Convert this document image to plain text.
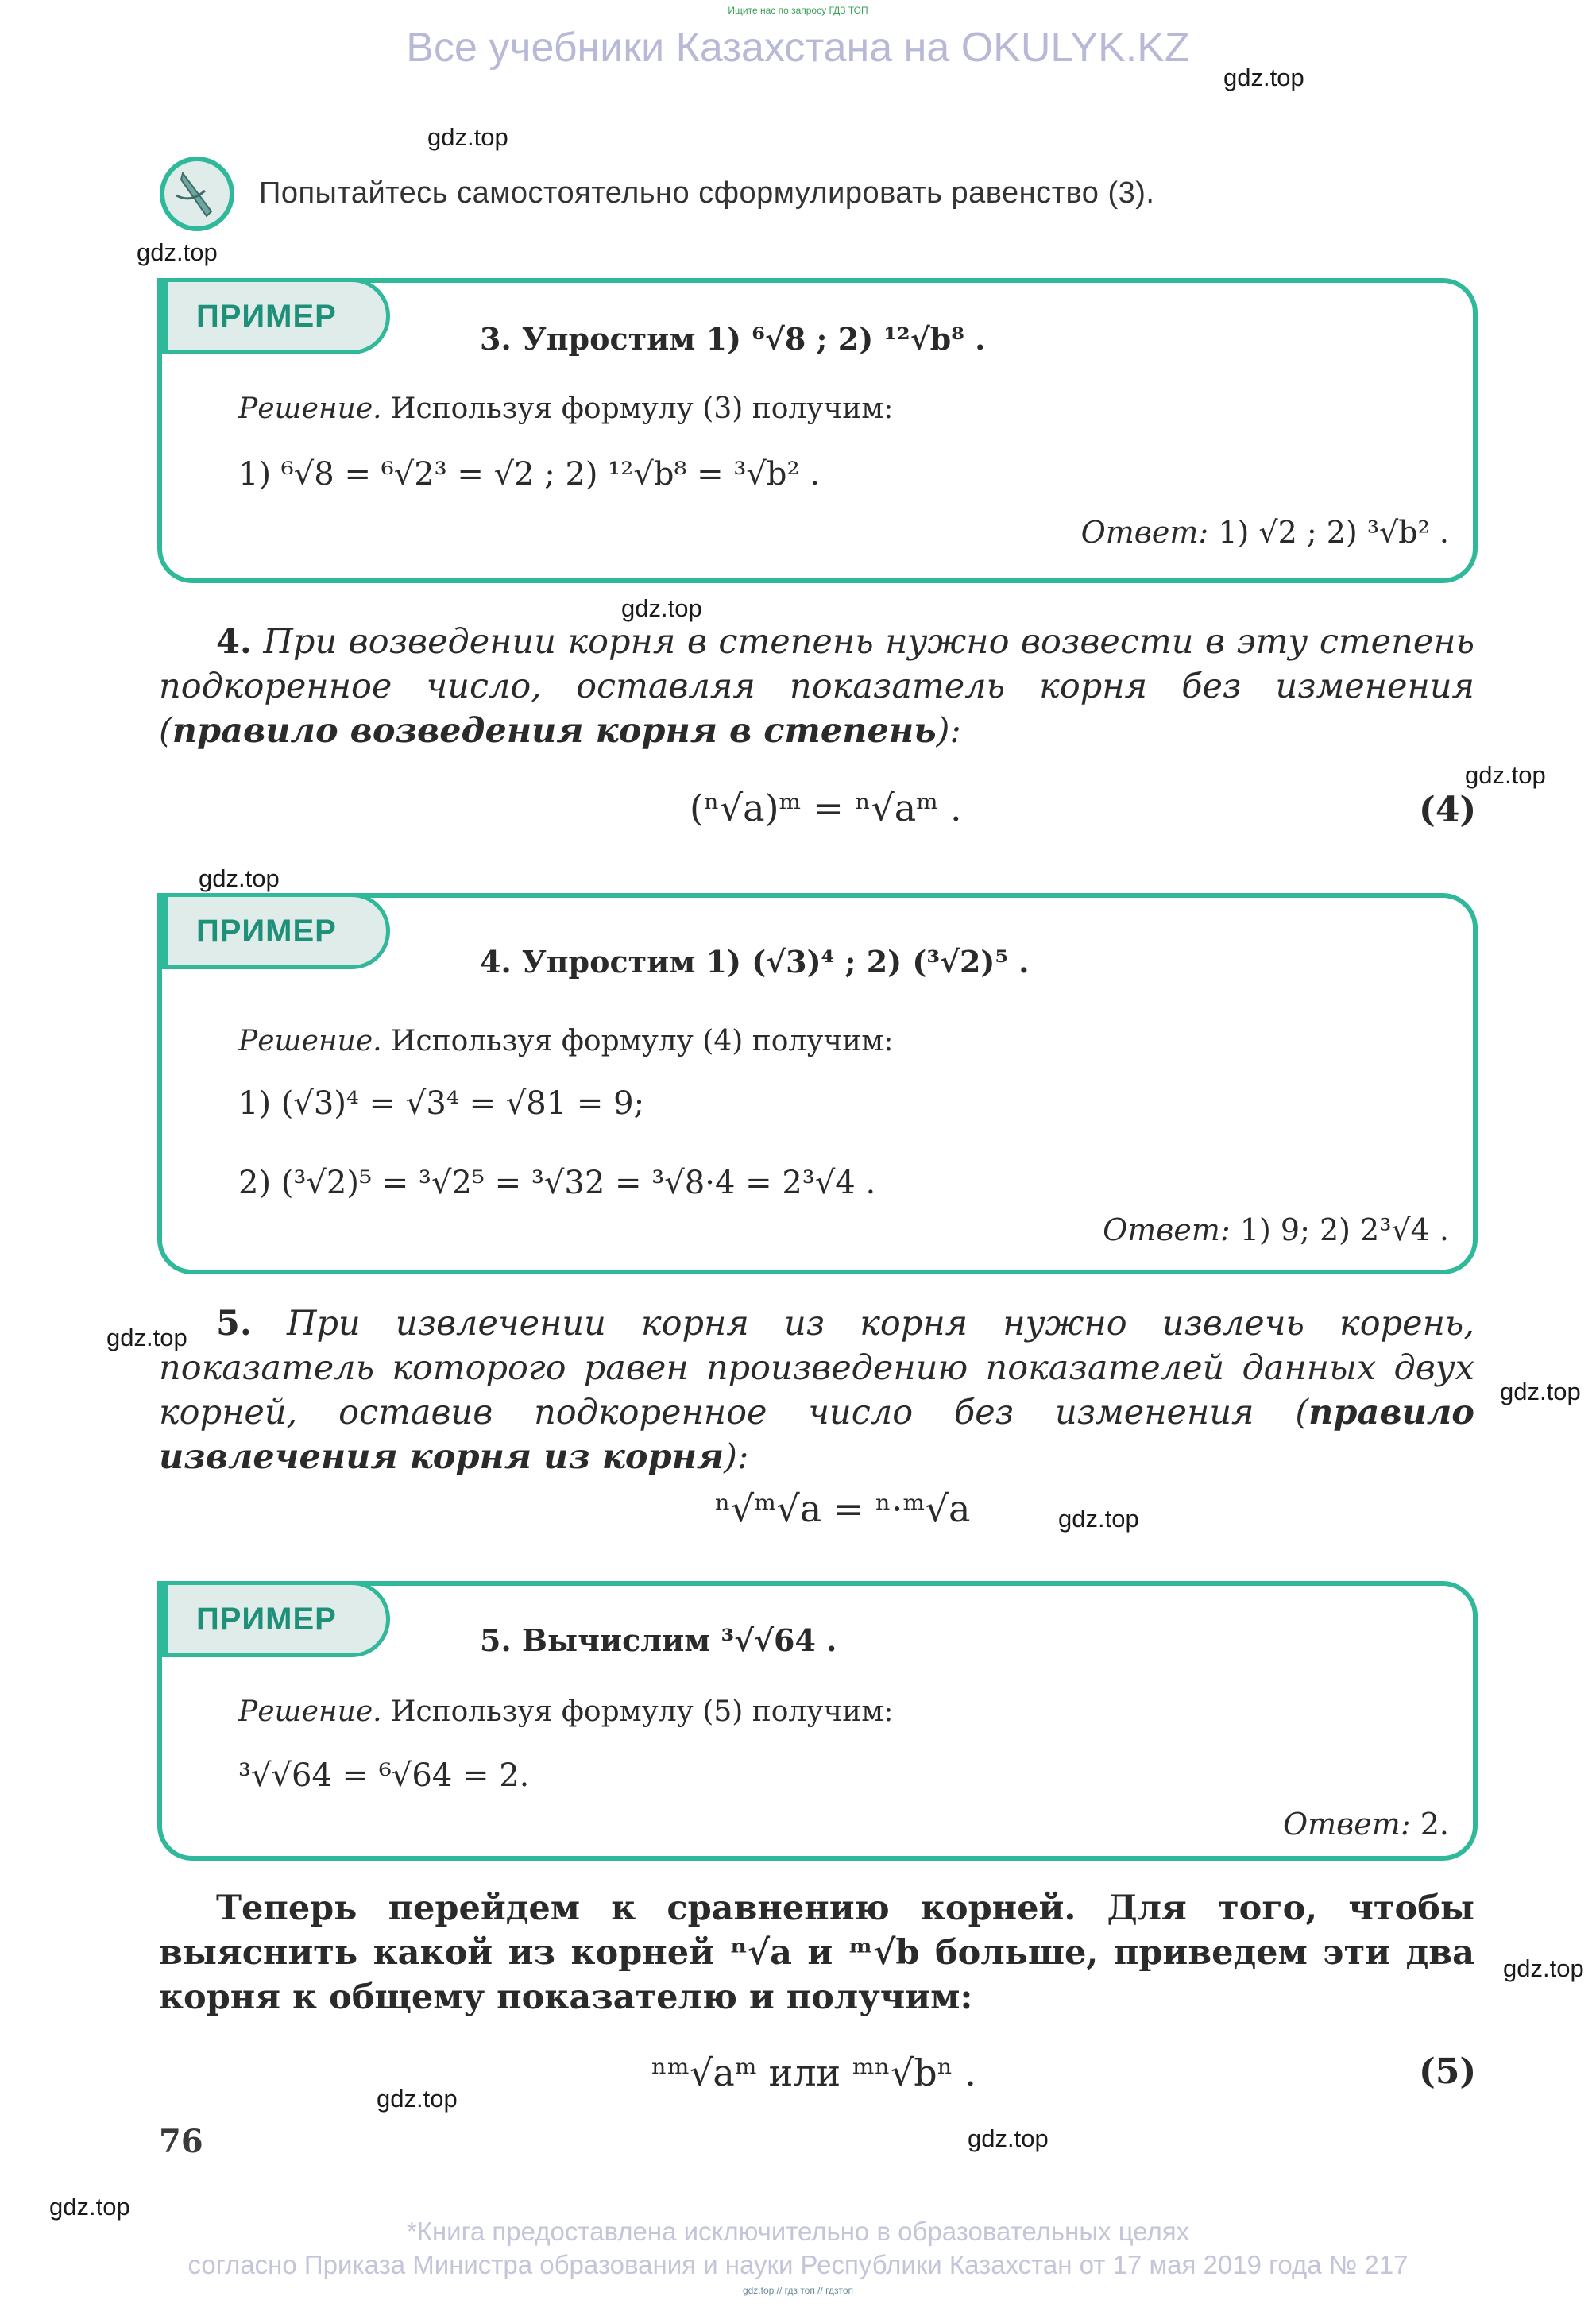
Ищите нас по запросу ГДЗ ТОП
Все учебники Казахстана на OKULYK.KZ
gdz.top
gdz.top
gdz.top
gdz.top
gdz.top
gdz.top
gdz.top
gdz.top
gdz.top
gdz.top
gdz.top
gdz.top
gdz.top
Попытайтесь самостоятельно сформулировать равенство (3).
ПРИМЕР
3. Упростим 1) ⁶√8 ; 2) ¹²√b⁸ .
Решение. Используя формулу (3) получим:
1) ⁶√8 = ⁶√2³ = √2 ; 2) ¹²√b⁸ = ³√b² .
Ответ: 1) √2 ; 2) ³√b² .
4. При возведении корня в степень нужно возвести в эту степень подкоренное число, оставляя показатель корня без изменения (правило возведения корня в степень):
(ⁿ√a)ᵐ = ⁿ√aᵐ .	(4)
ПРИМЕР
4. Упростим 1) (√3)⁴ ; 2) (³√2)⁵ .
Решение. Используя формулу (4) получим:
1) (√3)⁴ = √3⁴ = √81 = 9;
2) (³√2)⁵ = ³√2⁵ = ³√32 = ³√8·4 = 2³√4 .
Ответ: 1) 9; 2) 2³√4 .
5. При извлечении корня из корня нужно извлечь корень, показатель которого равен произведению показателей данных двух корней, оставив подкоренное число без изменения (правило извлечения корня из корня):
ⁿ√ᵐ√a = ⁿ·ᵐ√a
ПРИМЕР
5. Вычислим ³√√64 .
Решение. Используя формулу (5) получим:
³√√64 = ⁶√64 = 2.
Ответ: 2.
Теперь перейдем к сравнению корней. Для того, чтобы выяснить какой из корней ⁿ√a и ᵐ√b больше, приведем эти два корня к общему показателю и получим:
ⁿᵐ√aᵐ или ᵐⁿ√bⁿ .	(5)
76
*Книга предоставлена исключительно в образовательных целях
согласно Приказа Министра образования и науки Республики Казахстан от 17 мая 2019 года № 217
gdz.top // гдз топ // гдзтоп
